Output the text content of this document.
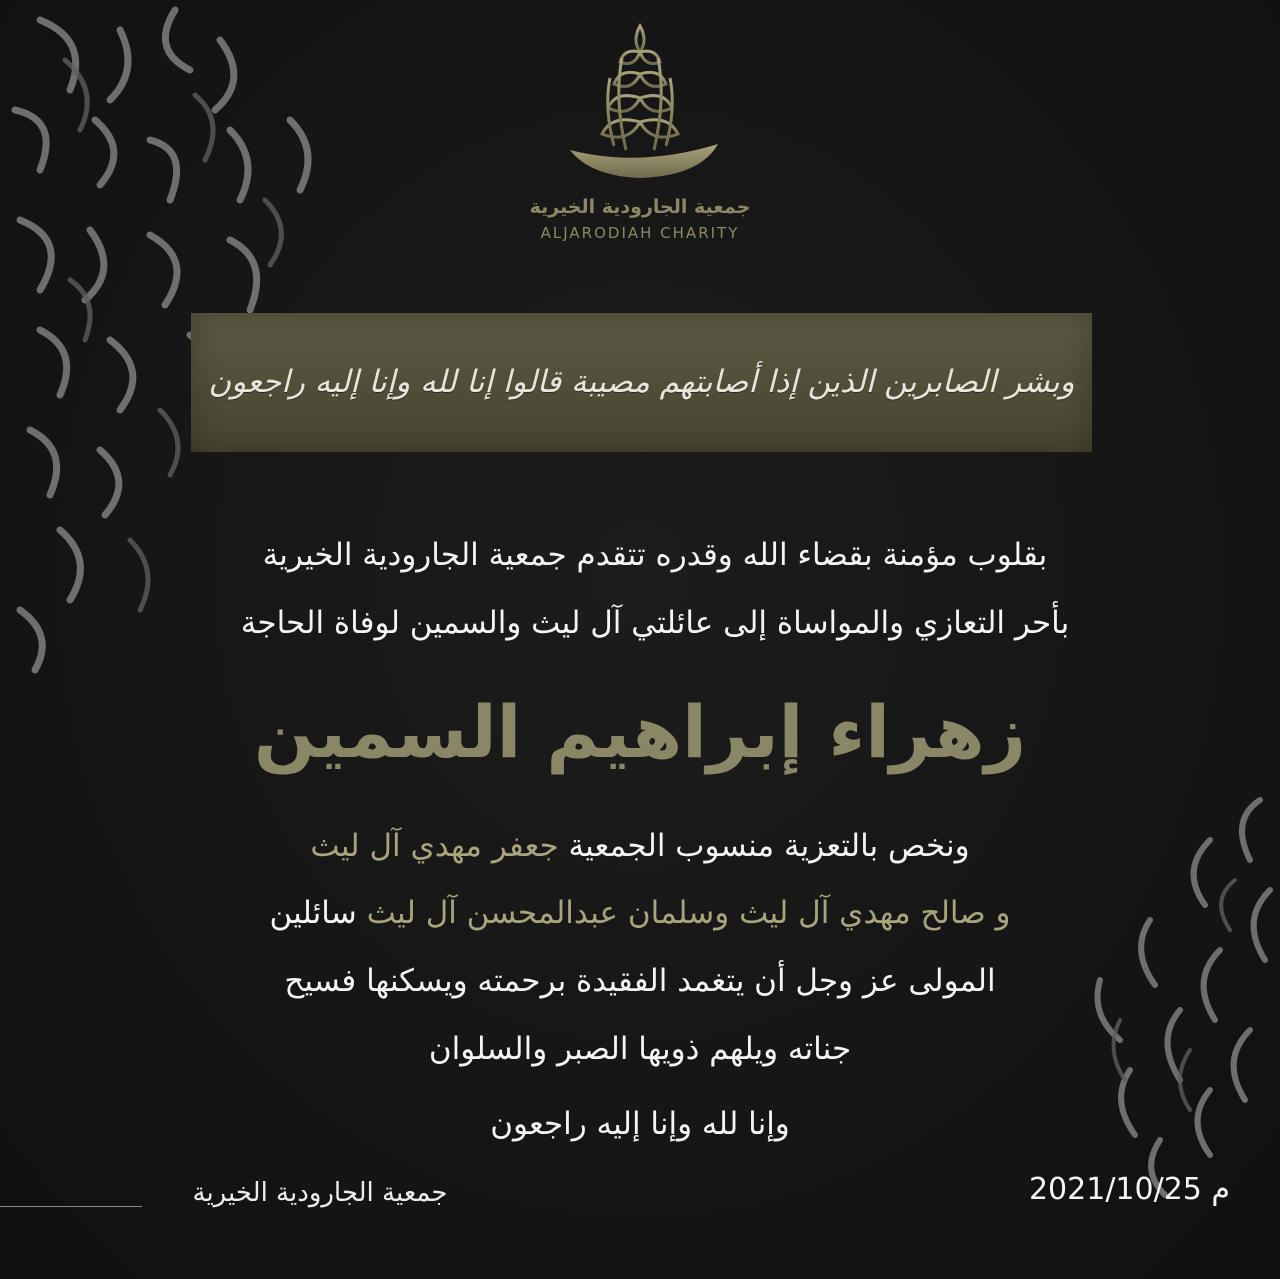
جمعية الجارودية الخيرية
ALJARODIAH CHARITY
وبشر الصابرين الذين إذا أصابتهم مصيبة قالوا إنا لله وإنا إليه راجعون
بقلوب مؤمنة بقضاء الله وقدره تتقدم جمعية الجارودية الخيرية
بأحر التعازي والمواساة إلى عائلتي آل ليث والسمين لوفاة الحاجة
زهراء إبراهيم السمين
ونخص بالتعزية منسوب الجمعية جعفر مهدي آل ليث
و صالح مهدي آل ليث وسلمان عبدالمحسن آل ليث سائلين
المولى عز وجل أن يتغمد الفقيدة برحمته ويسكنها فسيح
جناته ويلهم ذويها الصبر والسلوان
وإنا لله وإنا إليه راجعون
جمعية الجارودية الخيرية	2021/10/25 م
